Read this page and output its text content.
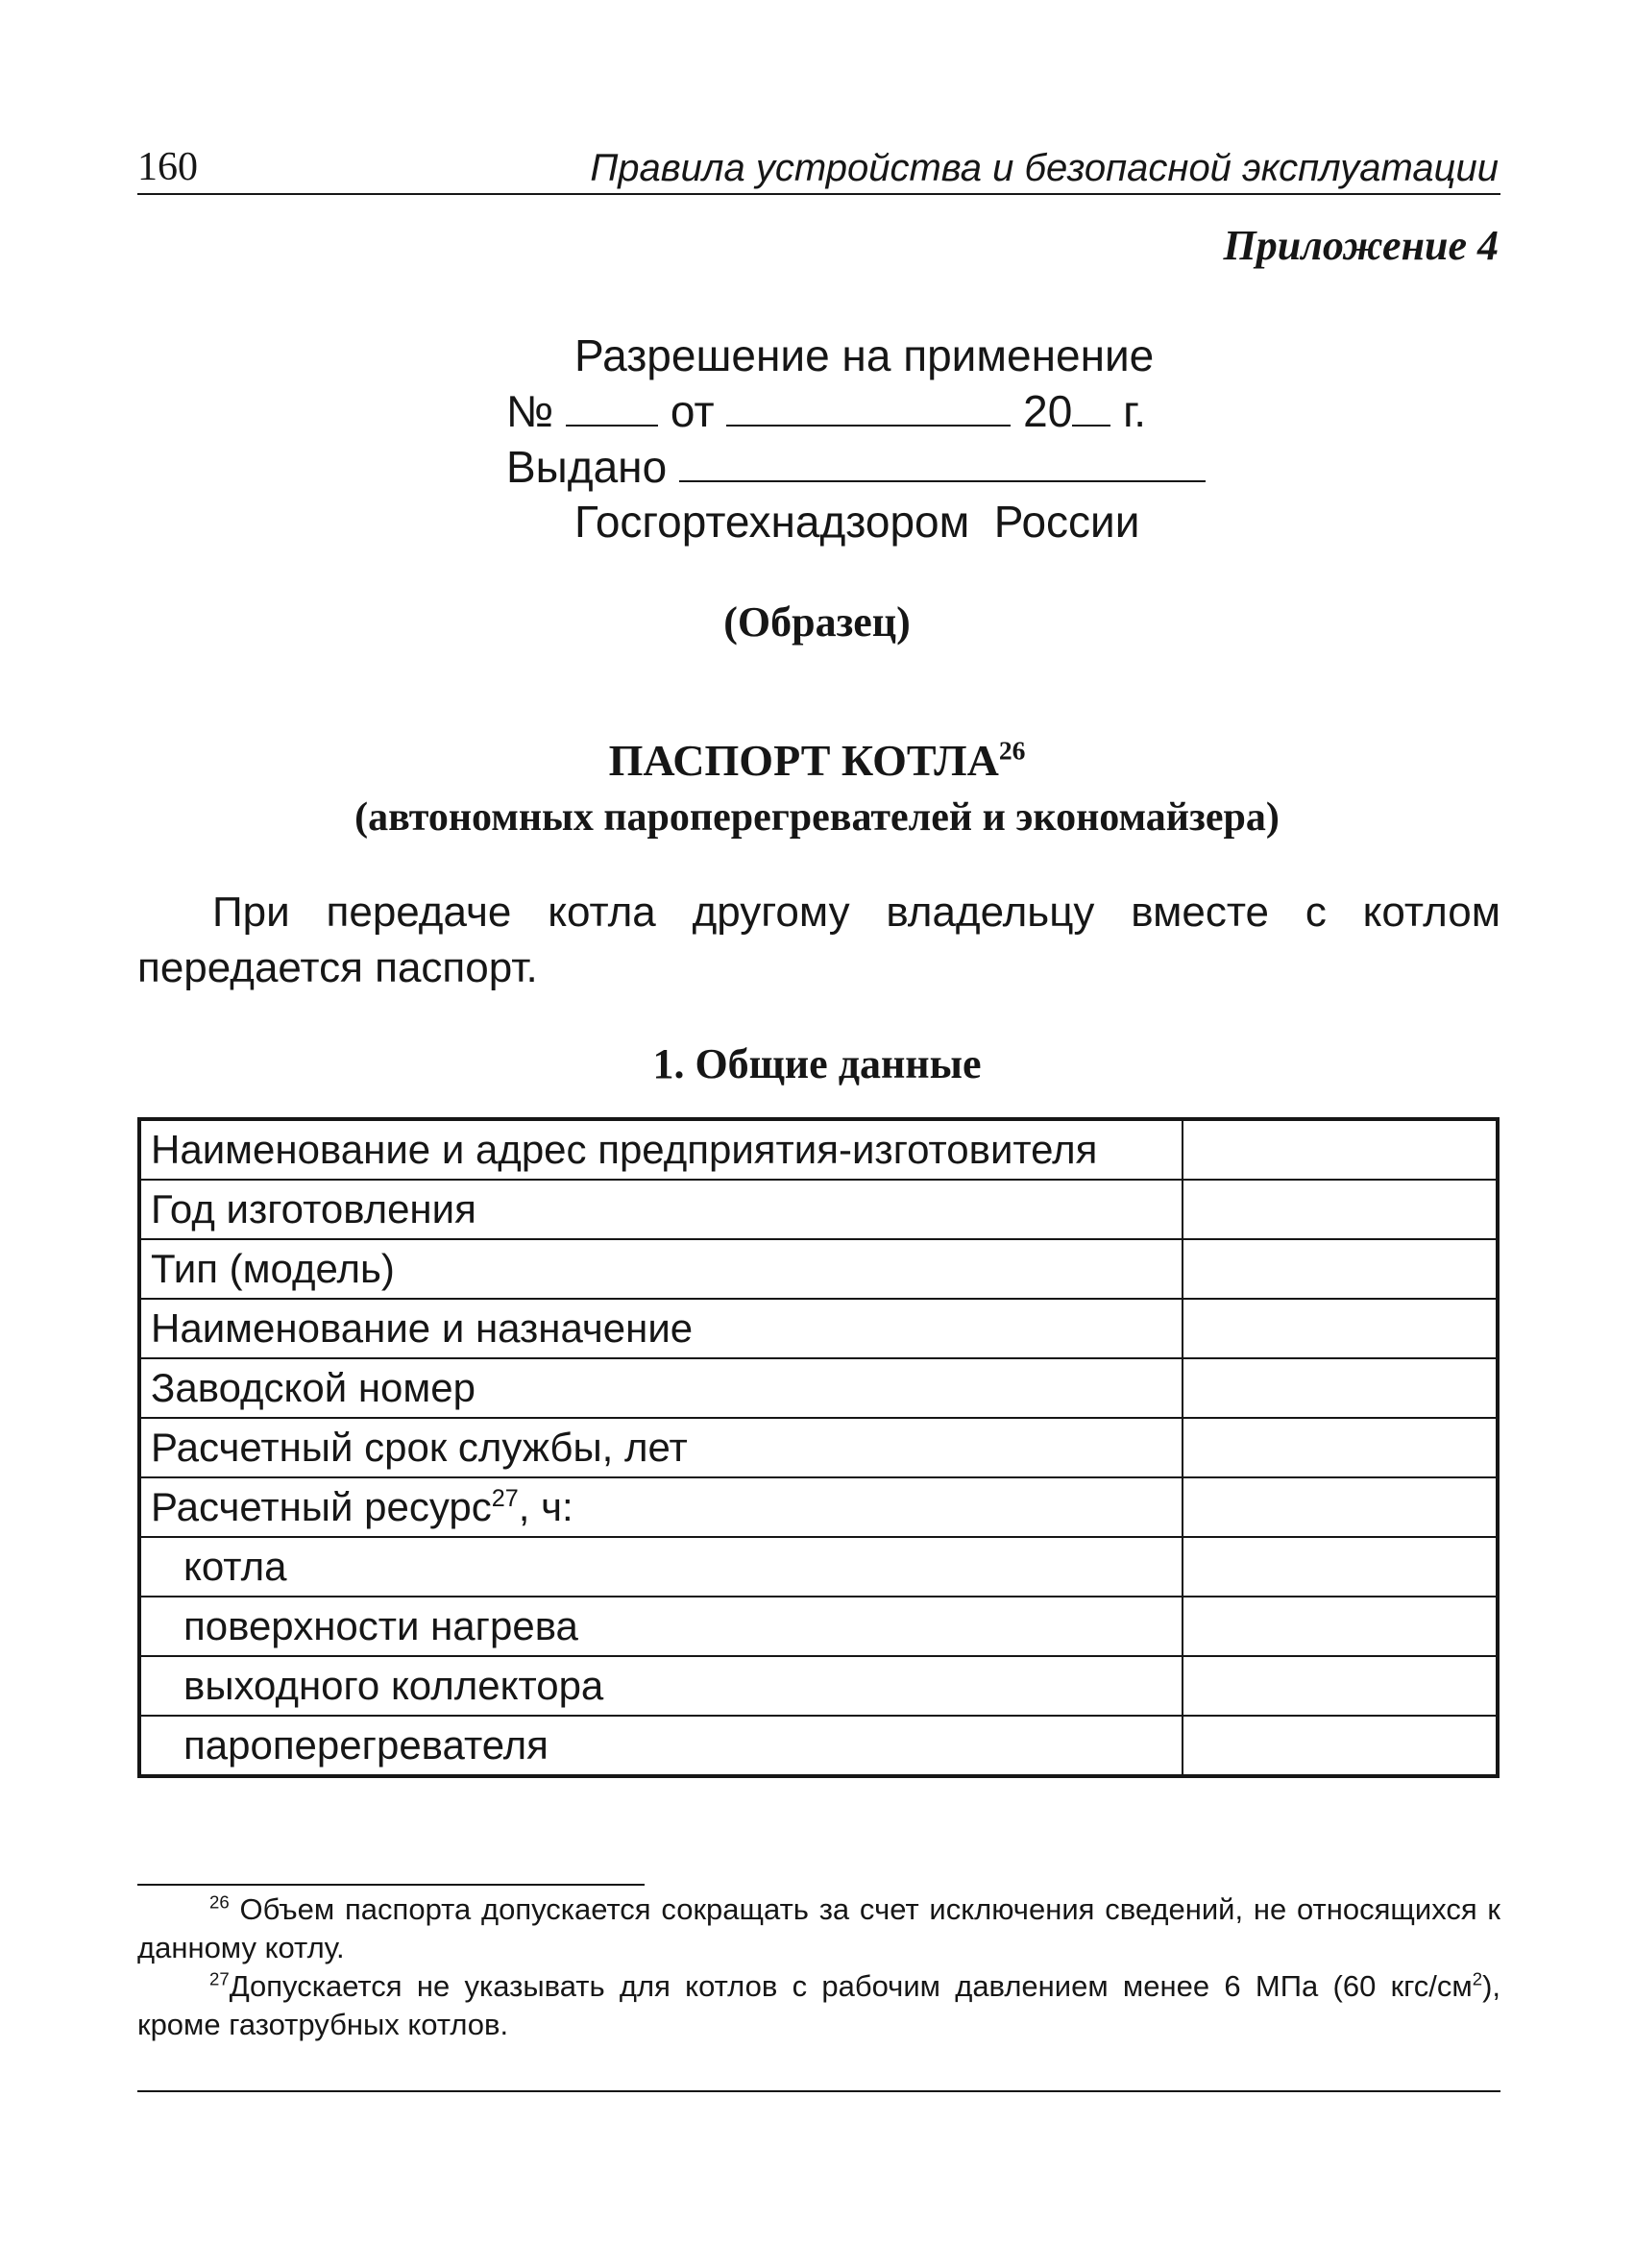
160	Правила устройства и безопасной эксплуатации
Приложение 4
Разрешение на применение
№	от	20 г.
Выдано
Госгортехнадзором  России
(Образец)
ПАСПОРТ КОТЛА$^{26}$
(автономных пароперегревателей и экономайзера)
При передаче котла другому владельцу вместе с котлом передается паспорт.
1. Общие данные
Наименование и адрес предприятия-изготовителя	
Год изготовления	
Тип (модель)	
Наименование и назначение	
Заводской номер	
Расчетный срок службы, лет	
Расчетный ресурс$^{27}$, ч:	
котла	
поверхности нагрева	
выходного коллектора	
пароперегревателя	
$^{26}$ Объем паспорта допускается сокращать за счет исключения сведений, не относящихся к данному котлу.
$^{27}$Допускается не указывать для котлов с рабочим давлением менее 6 МПа (60 кгс/$см^2$), кроме газотрубных котлов.
